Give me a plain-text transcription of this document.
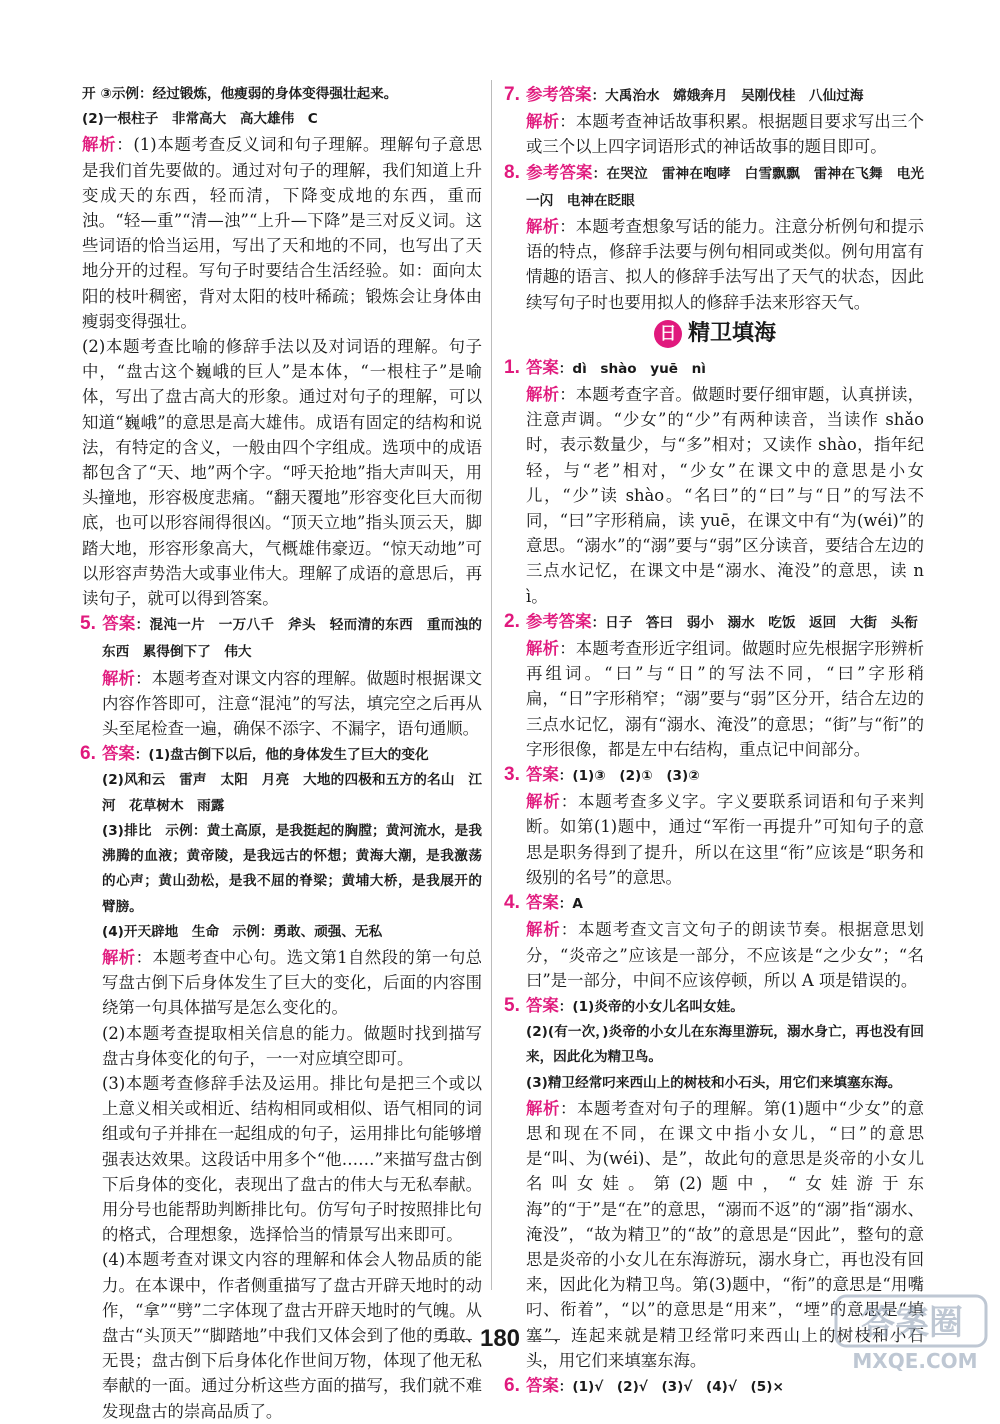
开 ③示例：经过锻炼，他瘦弱的身体变得强壮起来。

(2)一根柱子　非常高大　高大雄伟　C

解析：(1)本题考查反义词和句子理解。理解句子意思是我们首先要做的。通过对句子的理解，我们知道上升变成天的东西，轻而清，下降变成地的东西，重而浊。“轻—重”“清—浊”“上升—下降”是三对反义词。这些词语的恰当运用，写出了天和地的不同，也写出了天地分开的过程。写句子时要结合生活经验。如：面向太阳的枝叶稠密，背对太阳的枝叶稀疏；锻炼会让身体由瘦弱变得强壮。

(2)本题考查比喻的修辞手法以及对词语的理解。句子中，“盘古这个巍峨的巨人”是本体，“一根柱子”是喻体，写出了盘古高大的形象。通过对句子的理解，可以知道“巍峨”的意思是高大雄伟。成语有固定的结构和说法，有特定的含义，一般由四个字组成。选项中的成语都包含了“天、地”两个字。“呼天抢地”指大声叫天，用头撞地，形容极度悲痛。“翻天覆地”形容变化巨大而彻底，也可以形容闹得很凶。“顶天立地”指头顶云天，脚踏大地，形容形象高大，气概雄伟豪迈。“惊天动地”可以形容声势浩大或事业伟大。理解了成语的意思后，再读句子，就可以得到答案。

5. 答案：混沌一片　一万八千　斧头　轻而清的东西　重而浊的东西　累得倒下了　伟大

解析：本题考查对课文内容的理解。做题时根据课文内容作答即可，注意“混沌”的写法，填完空之后再从头至尾检查一遍，确保不添字、不漏字，语句通顺。

6. 答案：(1)盘古倒下以后，他的身体发生了巨大的变化

(2)风和云　雷声　太阳　月亮　大地的四极和五方的名山　江河　花草树木　雨露

(3)排比　示例：黄土高原，是我挺起的胸膛；黄河流水，是我沸腾的血液；黄帝陵，是我远古的怀想；黄海大潮，是我激荡的心声；黄山劲松，是我不屈的脊梁；黄埔大桥，是我展开的臂膀。

(4)开天辟地　生命　示例：勇敢、顽强、无私

解析：本题考查中心句。选文第1自然段的第一句总写盘古倒下后身体发生了巨大的变化，后面的内容围绕第一句具体描写是怎么变化的。

(2)本题考查提取相关信息的能力。做题时找到描写盘古身体变化的句子，一一对应填空即可。

(3)本题考查修辞手法及运用。排比句是把三个或以上意义相关或相近、结构相同或相似、语气相同的词组或句子并排在一起组成的句子，运用排比句能够增强表达效果。这段话中用多个“他……”来描写盘古倒下后身体的变化，表现出了盘古的伟大与无私奉献。用分号也能帮助判断排比句。仿写句子时按照排比句的格式，合理想象，选择恰当的情景写出来即可。

(4)本题考查对课文内容的理解和体会人物品质的能力。在本课中，作者侧重描写了盘古开辟天地时的动作，“拿”“劈”二字体现了盘古开辟天地时的气魄。从盘古“头顶天”“脚踏地”中我们又体会到了他的勇敢、无畏；盘古倒下后身体化作世间万物，体现了他无私奉献的一面。通过分析这些方面的描写，我们就不难发现盘古的崇高品质了。

7. 参考答案：大禹治水　嫦娥奔月　吴刚伐桂　八仙过海

解析：本题考查神话故事积累。根据题目要求写出三个或三个以上四字词语形式的神话故事的题目即可。

8. 参考答案：在哭泣　雷神在咆哮　白雪飘飘　雷神在飞舞　电光一闪　电神在眨眼

解析：本题考查想象写话的能力。注意分析例句和提示语的特点，修辞手法要与例句相同或类似。例句用富有情趣的语言、拟人的修辞手法写出了天气的状态，因此续写句子时也要用拟人的修辞手法来形容天气。

日 精卫填海

1. 答案：dì　shào　yuē　nì

解析：本题考查字音。做题时要仔细审题，认真拼读，注意声调。“少女”的“少”有两种读音，当读作 shǎo 时，表示数量少，与“多”相对；又读作 shào，指年纪轻，与“老”相对，“少女”在课文中的意思是小女儿，“少”读 shào。“名曰”的“曰”与“日”的写法不同，“曰”字形稍扁，读 yuē，在课文中有“为(wéi)”的意思。“溺水”的“溺”要与“弱”区分读音，要结合左边的三点水记忆，在课文中是“溺水、淹没”的意思，读 nì。

2. 参考答案：日子　答曰　弱小　溺水　吃饭　返回　大街　头衔

解析：本题考查形近字组词。做题时应先根据字形辨析再组词。“曰”与“日”的写法不同，“曰”字形稍扁，“日”字形稍窄；“溺”要与“弱”区分开，结合左边的三点水记忆，溺有“溺水、淹没”的意思；“街”与“衔”的字形很像，都是左中右结构，重点记中间部分。

3. 答案：(1)③　(2)①　(3)②

解析：本题考查多义字。字义要联系词语和句子来判断。如第(1)题中，通过“军衔一再提升”可知句子的意思是职务得到了提升，所以在这里“衔”应该是“职务和级别的名号”的意思。

4. 答案：A

解析：本题考查文言文句子的朗读节奏。根据意思划分，“炎帝之”应该是一部分，不应该是“之少女”；“名曰”是一部分，中间不应该停顿，所以 A 项是错误的。

5. 答案：(1)炎帝的小女儿名叫女娃。

(2)(有一次，)炎帝的小女儿在东海里游玩，溺水身亡，再也没有回来，因此化为精卫鸟。

(3)精卫经常叼来西山上的树枝和小石头，用它们来填塞东海。

解析：本题考查对句子的理解。第(1)题中“少女”的意思和现在不同，在课文中指小女儿，“曰”的意思是“叫、为(wéi)、是”，故此句的意思是炎帝的小女儿名叫女娃。第(2)题中，“女娃游于东海”的“于”是“在”的意思，“溺而不返”的“溺”指“溺水、淹没”，“故为精卫”的“故”的意思是“因此”，整句的意思是炎帝的小女儿在东海游玩，溺水身亡，再也没有回来，因此化为精卫鸟。第(3)题中，“衔”的意思是“用嘴叼、衔着”，“以”的意思是“用来”，“堙”的意思是“填塞”，连起来就是精卫经常叼来西山上的树枝和小石头，用它们来填塞东海。

6. 答案：(1)√　(2)√　(3)√　(4)√　(5)×

180	答案圈
MXQE.COM
